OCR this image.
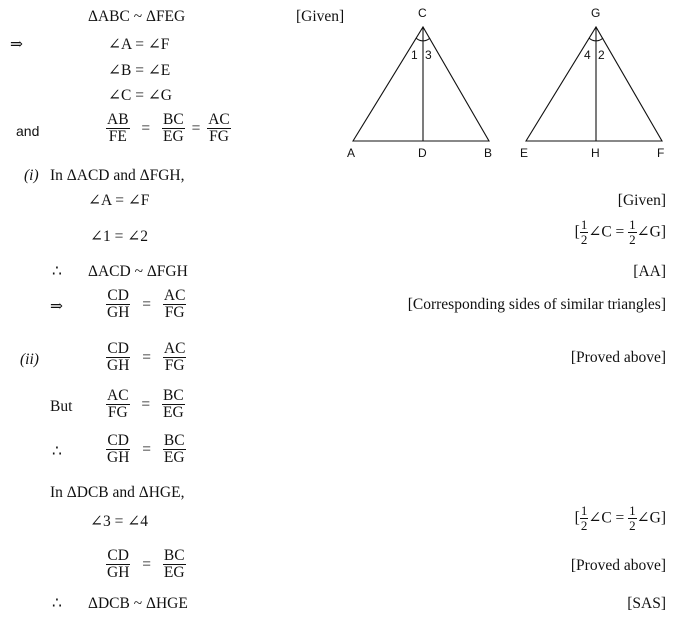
ΔABC ~ ΔFEG	[Given]
⇒	∠A = ∠F
∠B = ∠E
∠C = ∠G
and	$\frac{AB}{FE} = \frac{BC}{EG} = \frac{AC}{FG}$
C
A	D	B
1 3
G
E	H	F
4 2
(i) In ΔACD and ΔFGH,
∠A = ∠F	[Given]
∠1 = ∠2	[ $\frac{1}{2}$ ∠C = $\frac{1}{2}$ ∠G]
∴ ΔACD ~ ΔFGH	[AA]
⇒	$\frac{CD}{GH} = \frac{AC}{FG}$	[Corresponding sides of similar triangles]
(ii)	$\frac{CD}{GH} = \frac{AC}{FG}$	[Proved above]
But $\frac{AC}{FG} = \frac{BC}{EG}$
∴	$\frac{CD}{GH} = \frac{BC}{EG}$
In ΔDCB and ΔHGE,
∠3 = ∠4	[ $\frac{1}{2}$ ∠C = $\frac{1}{2}$ ∠G]
$\frac{CD}{GH} = \frac{BC}{EG}$	[Proved above]
∴ ΔDCB ~ ΔHGE	[SAS]
